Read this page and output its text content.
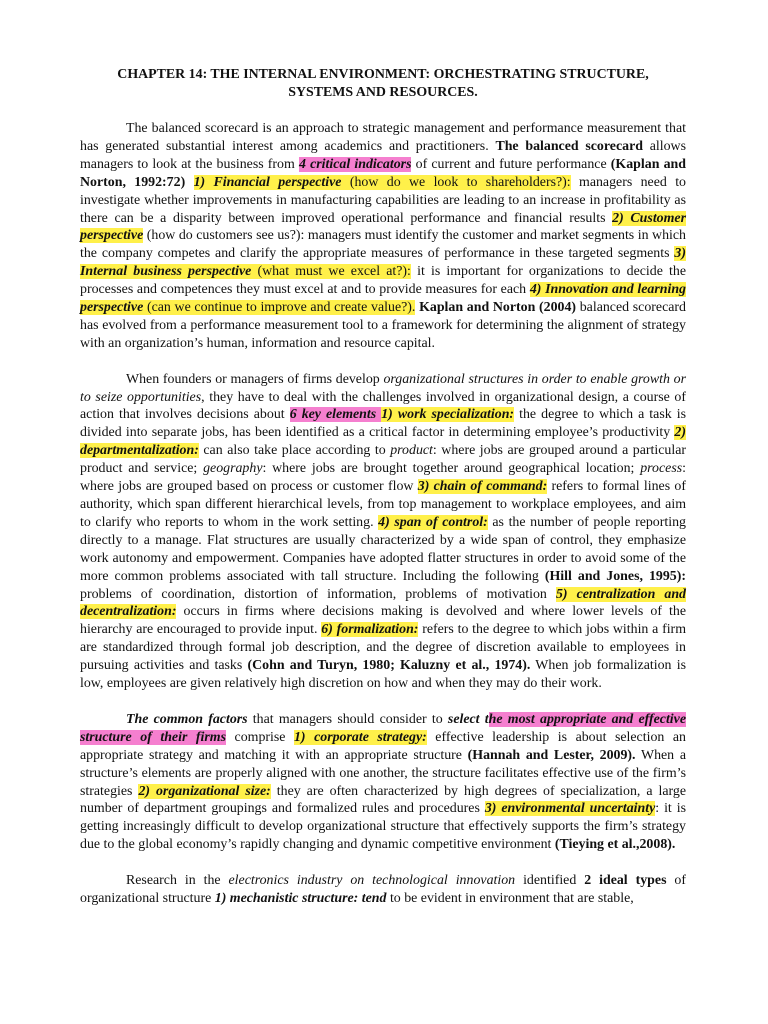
CHAPTER 14: THE INTERNAL ENVIRONMENT: ORCHESTRATING STRUCTURE,
SYSTEMS AND RESOURCES.

The balanced scorecard is an approach to strategic management and performance measurement that has generated substantial interest among academics and practitioners. The balanced scorecard allows managers to look at the business from 4 critical indicators of current and future performance (Kaplan and Norton, 1992:72) 1) Financial perspective (how do we look to shareholders?): managers need to investigate whether improvements in manufacturing capabilities are leading to an increase in profitability as there can be a disparity between improved operational performance and financial results 2) Customer perspective (how do customers see us?): managers must identify the customer and market segments in which the company competes and clarify the appropriate measures of performance in these targeted segments 3) Internal business perspective (what must we excel at?): it is important for organizations to decide the processes and competences they must excel at and to provide measures for each 4) Innovation and learning perspective (can we continue to improve and create value?). Kaplan and Norton (2004) balanced scorecard has evolved from a performance measurement tool to a framework for determining the alignment of strategy with an organization’s human, information and resource capital.

When founders or managers of firms develop organizational structures in order to enable growth or to seize opportunities, they have to deal with the challenges involved in organizational design, a course of action that involves decisions about 6 key elements 1) work specialization: the degree to which a task is divided into separate jobs, has been identified as a critical factor in determining employee’s productivity 2) departmentalization: can also take place according to product: where jobs are grouped around a particular product and service; geography: where jobs are brought together around geographical location; process: where jobs are grouped based on process or customer flow 3) chain of command: refers to formal lines of authority, which span different hierarchical levels, from top management to workplace employees, and aim to clarify who reports to whom in the work setting. 4) span of control: as the number of people reporting directly to a manage. Flat structures are usually characterized by a wide span of control, they emphasize work autonomy and empowerment. Companies have adopted flatter structures in order to avoid some of the more common problems associated with tall structure. Including the following (Hill and Jones, 1995): problems of coordination, distortion of information, problems of motivation 5) centralization and decentralization: occurs in firms where decisions making is devolved and where lower levels of the hierarchy are encouraged to provide input. 6) formalization: refers to the degree to which jobs within a firm are standardized through formal job description, and the degree of discretion available to employees in pursuing activities and tasks (Cohn and Turyn, 1980; Kaluzny et al., 1974). When job formalization is low, employees are given relatively high discretion on how and when they may do their work.

The common factors that managers should consider to select the most appropriate and effective structure of their firms comprise 1) corporate strategy: effective leadership is about selection an appropriate strategy and matching it with an appropriate structure (Hannah and Lester, 2009). When a structure’s elements are properly aligned with one another, the structure facilitates effective use of the firm’s strategies 2) organizational size: they are often characterized by high degrees of specialization, a large number of department groupings and formalized rules and procedures 3) environmental uncertainty: it is getting increasingly difficult to develop organizational structure that effectively supports the firm’s strategy due to the global economy’s rapidly changing and dynamic competitive environment (Tieying et al.,2008).

Research in the electronics industry on technological innovation identified 2 ideal types of organizational structure 1) mechanistic structure: tend to be evident in environment that are stable,
